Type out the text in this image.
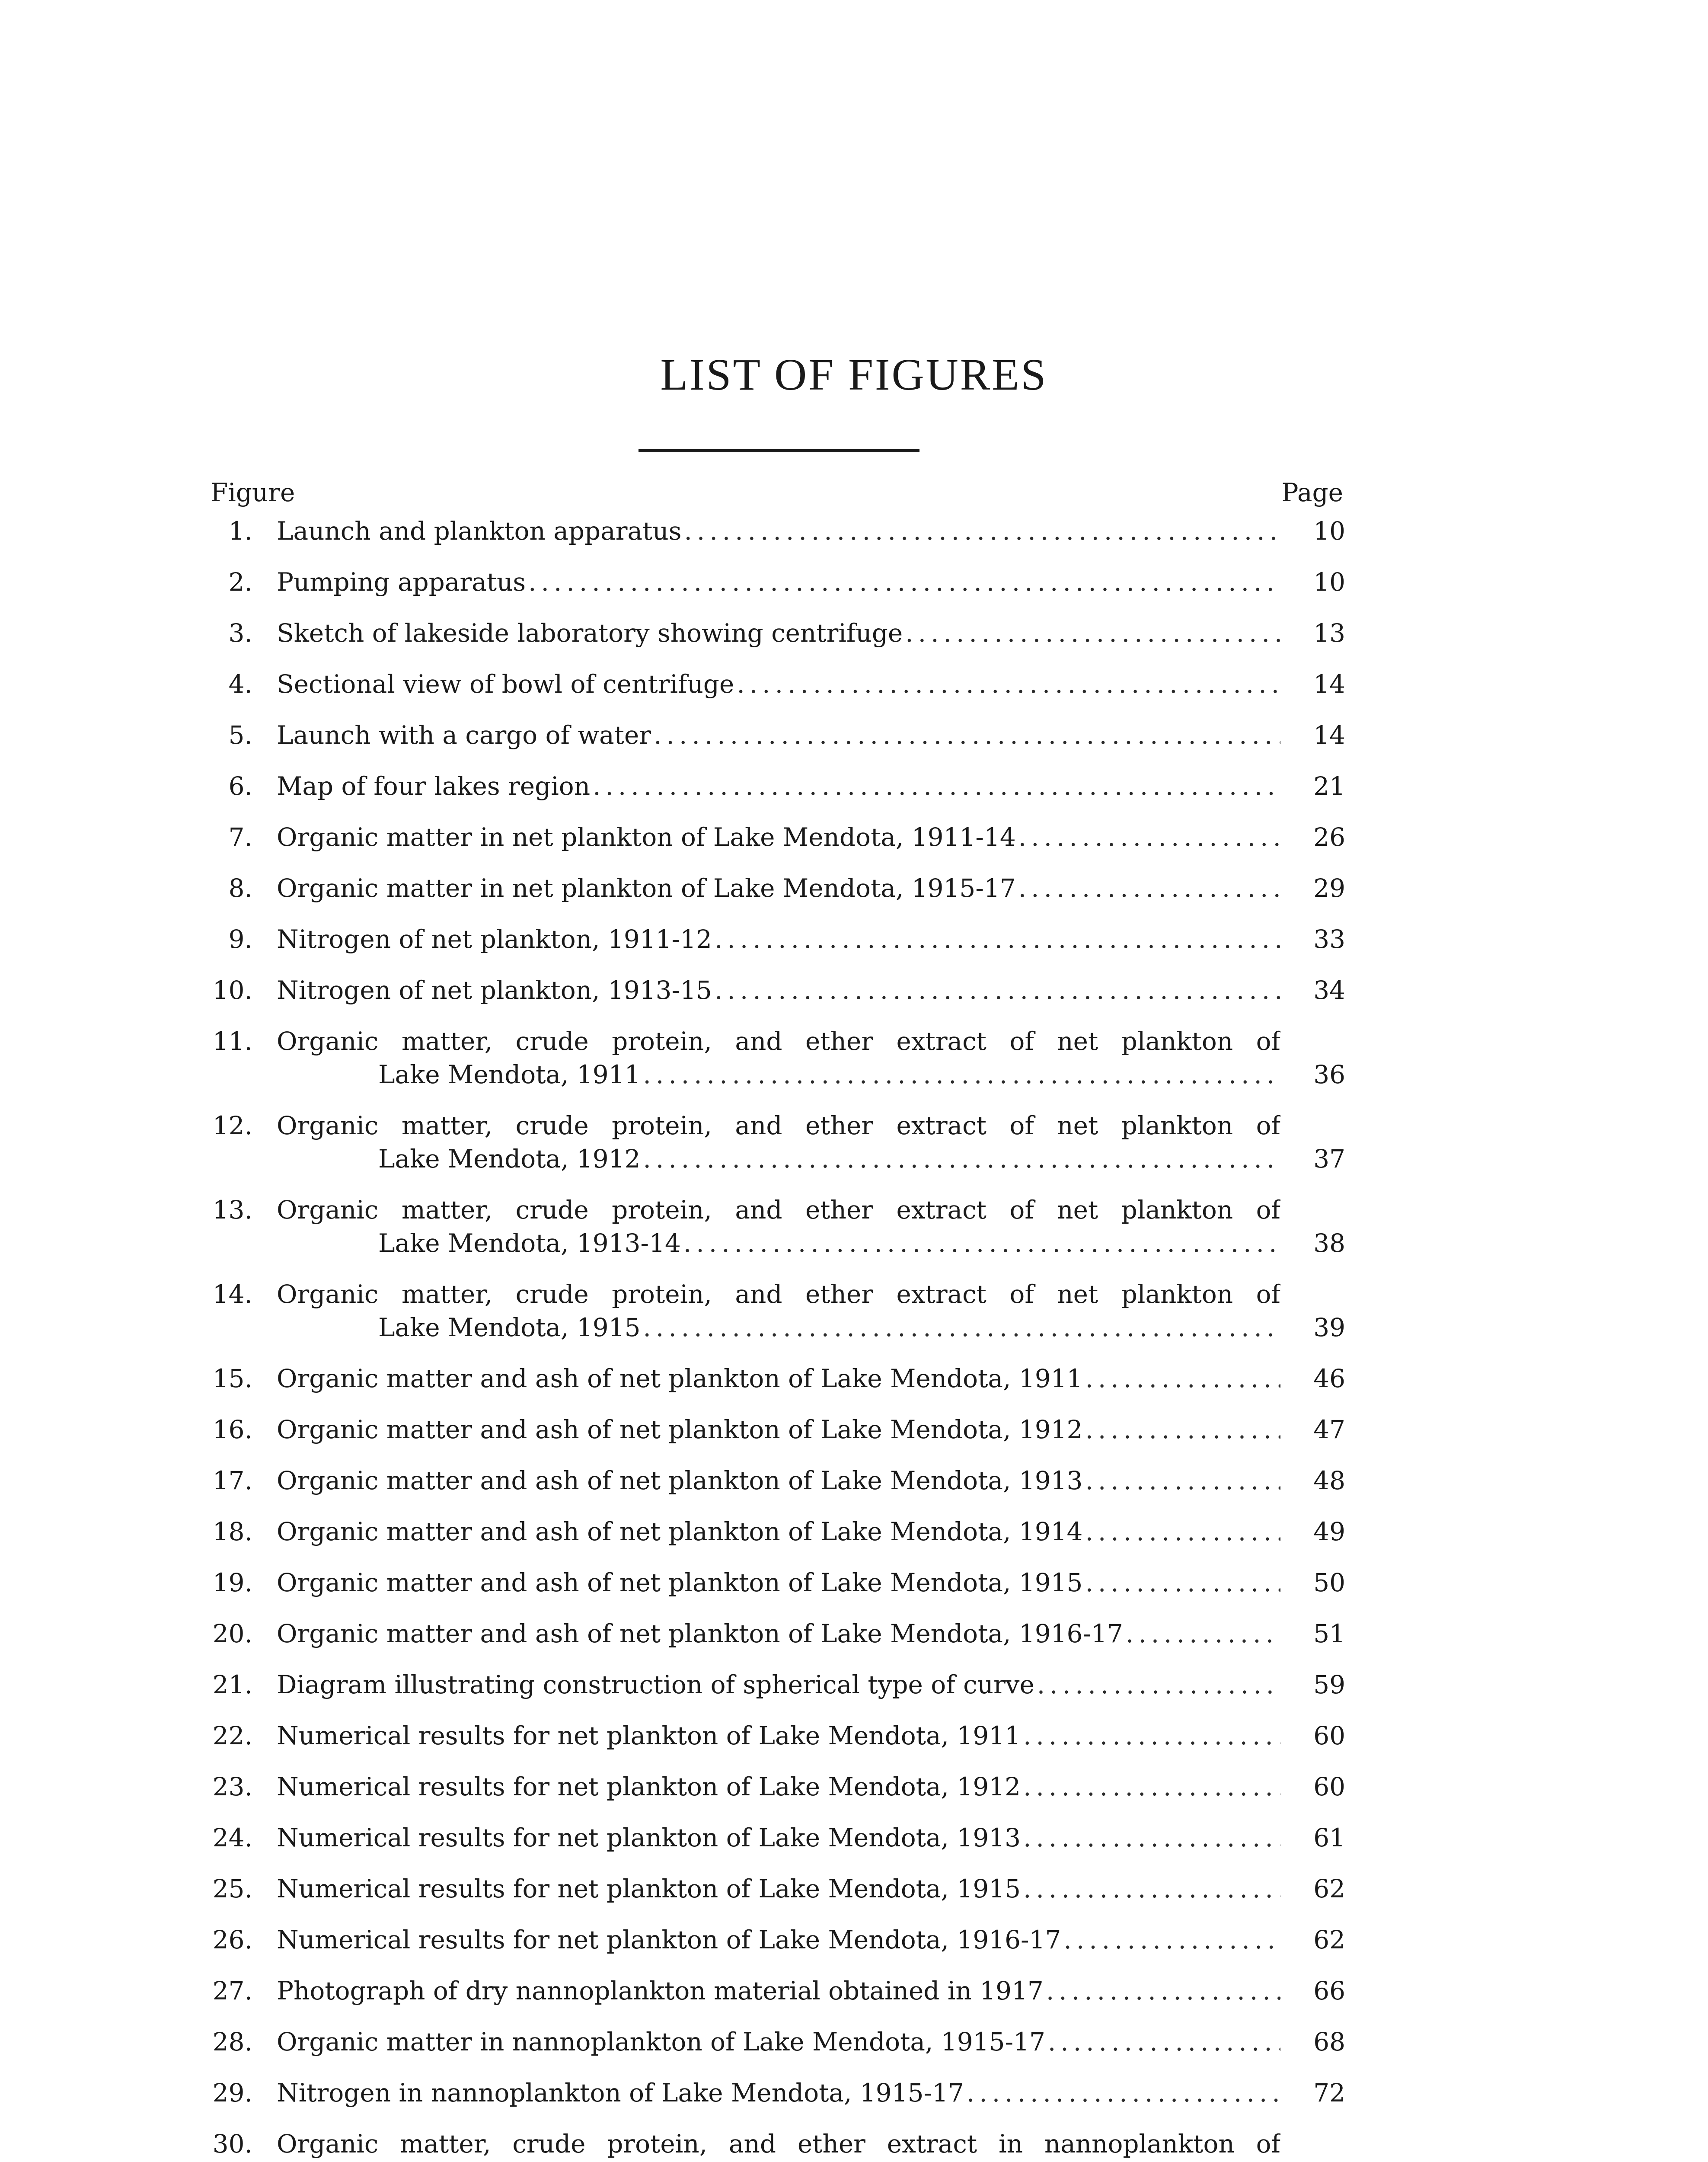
LIST OF FIGURES
Figure	Page
1. Launch and plankton apparatus .....	10
2. Pumping apparatus .....	10
3. Sketch of lakeside laboratory showing centrifuge .....	13
4. Sectional view of bowl of centrifuge .....	14
5. Launch with a cargo of water .....	14
6. Map of four lakes region .....	21
7. Organic matter in net plankton of Lake Mendota, 1911-14 .....	26
8. Organic matter in net plankton of Lake Mendota, 1915-17 .....	29
9. Nitrogen of net plankton, 1911-12 .....	33
10. Nitrogen of net plankton, 1913-15 .....	34
11. Organic matter, crude protein, and ether extract of net plankton of
Lake Mendota, 1911 .....	36
12. Organic matter, crude protein, and ether extract of net plankton of
Lake Mendota, 1912 .....	37
13. Organic matter, crude protein, and ether extract of net plankton of
Lake Mendota, 1913-14 .....	38
14. Organic matter, crude protein, and ether extract of net plankton of
Lake Mendota, 1915 .....	39
15. Organic matter and ash of net plankton of Lake Mendota, 1911 .....	46
16. Organic matter and ash of net plankton of Lake Mendota, 1912 .....	47
17. Organic matter and ash of net plankton of Lake Mendota, 1913 .....	48
18. Organic matter and ash of net plankton of Lake Mendota, 1914 .....	49
19. Organic matter and ash of net plankton of Lake Mendota, 1915 .....	50
20. Organic matter and ash of net plankton of Lake Mendota, 1916-17 .....	51
21. Diagram illustrating construction of spherical type of curve .....	59
22. Numerical results for net plankton of Lake Mendota, 1911 .....	60
23. Numerical results for net plankton of Lake Mendota, 1912 .....	60
24. Numerical results for net plankton of Lake Mendota, 1913 .....	61
25. Numerical results for net plankton of Lake Mendota, 1915 .....	62
26. Numerical results for net plankton of Lake Mendota, 1916-17 .....	62
27. Photograph of dry nannoplankton material obtained in 1917 .....	66
28. Organic matter in nannoplankton of Lake Mendota, 1915-17 .....	68
29. Nitrogen in nannoplankton of Lake Mendota, 1915-17 .....	72
30. Organic matter, crude protein, and ether extract in nannoplankton of
.....
